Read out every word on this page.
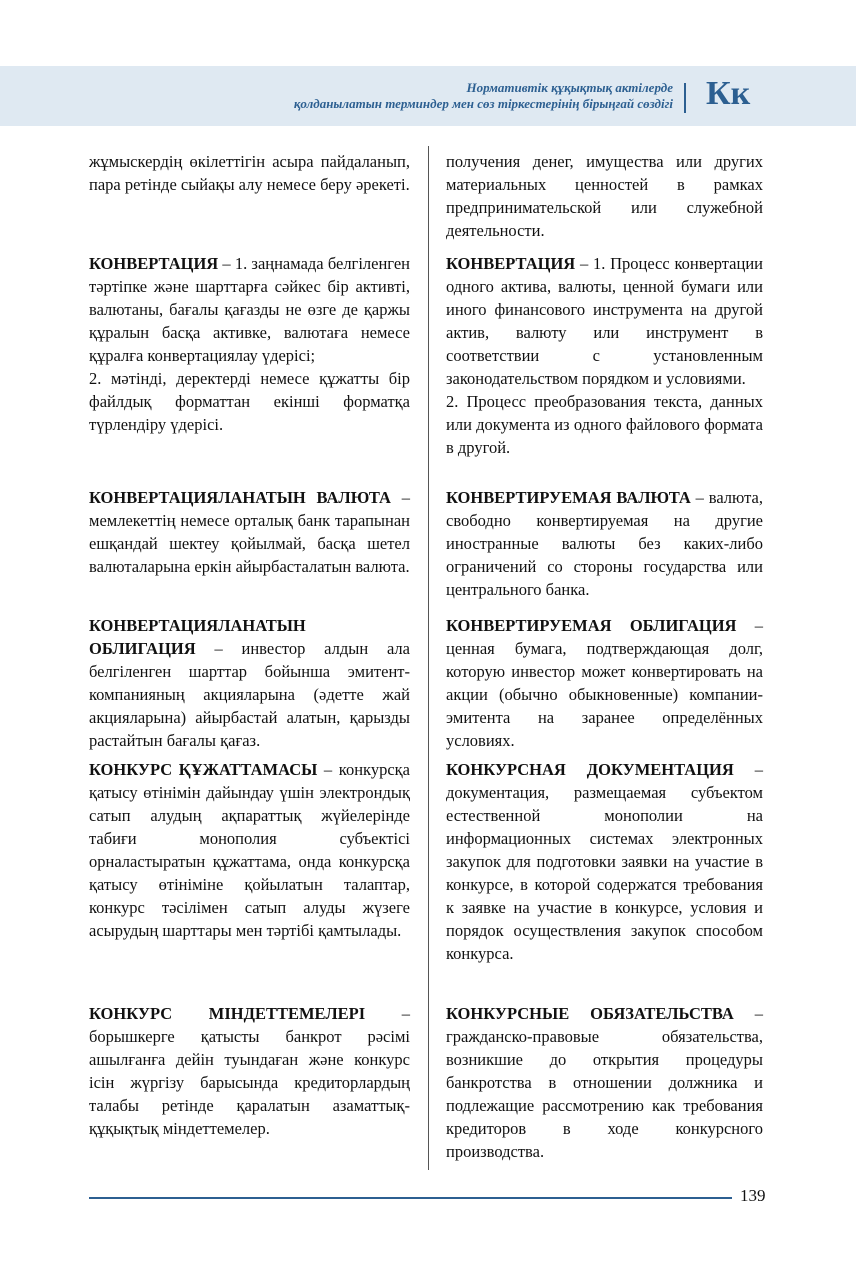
Нормативтік құқықтық актілерде
қолданылатын терминдер мен сөз тіркестерінің бірыңғай сөздігі Кк
жұмыскердің өкілеттігін асыра пайдаланып, пара ретінде сыйақы алу немесе беру әрекеті.
КОНВЕРТАЦИЯ – 1. заңнамада белгіленген тәртіпке және шарттарға сәйкес бір активті, валютаны, бағалы қағазды не өзге де қаржы құралын басқа активке, валютаға немесе құралға конвертациялау үдерісі;
2. мәтінді, деректерді немесе құжатты бір файлдық форматтан екінші форматқа түрлендіру үдерісі.
КОНВЕРТАЦИЯЛАНАТЫН ВАЛЮТА – мемлекеттің немесе орталық банк тарапынан ешқандай шектеу қойылмай, басқа шетел валюталарына еркін айырбасталатын валюта.
КОНВЕРТАЦИЯЛАНАТЫН ОБЛИГАЦИЯ – инвестор алдын ала белгіленген шарттар бойынша эмитент-компанияның акцияларына (әдетте жай акцияларына) айырбастай алатын, қарызды растайтын бағалы қағаз.
КОНКУРС ҚҰЖАТТАМАСЫ – конкурсқа қатысу өтінімін дайындау үшін электрондық сатып алудың ақпараттық жүйелерінде табиғи монополия субъектісі орналастыратын құжаттама, онда конкурсқа қатысу өтініміне қойылатын талаптар, конкурс тәсілімен сатып алуды жүзеге асырудың шарттары мен тәртібі қамтылады.
КОНКУРС МІНДЕТТЕМЕЛЕРІ – борышкерге қатысты банкрот рәсімі ашылғанға дейін туындаған және конкурс ісін жүргізу барысында кредиторлардың талабы ретінде қаралатын азаматтық-құқықтық міндеттемелер.
получения денег, имущества или других материальных ценностей в рамках предпринимательской или служебной деятельности.
КОНВЕРТАЦИЯ – 1. Процесс конвертации одного актива, валюты, ценной бумаги или иного финансового инструмента на другой актив, валюту или инструмент в соответствии с установленным законодательством порядком и условиями.
2. Процесс преобразования текста, данных или документа из одного файлового формата в другой.
КОНВЕРТИРУЕМАЯ ВАЛЮТА – валюта, свободно конвертируемая на другие иностранные валюты без каких-либо ограничений со стороны государства или центрального банка.
КОНВЕРТИРУЕМАЯ ОБЛИГАЦИЯ – ценная бумага, подтверждающая долг, которую инвестор может конвертировать на акции (обычно обыкновенные) компании-эмитента на заранее определённых условиях.
КОНКУРСНАЯ ДОКУМЕНТАЦИЯ – документация, размещаемая субъектом естественной монополии на информационных системах электронных закупок для подготовки заявки на участие в конкурсе, в которой содержатся требования к заявке на участие в конкурсе, условия и порядок осуществления закупок способом конкурса.
КОНКУРСНЫЕ ОБЯЗАТЕЛЬСТВА – гражданско-правовые обязательства, возникшие до открытия процедуры банкротства в отношении должника и подлежащие рассмотрению как требования кредиторов в ходе конкурсного производства.
139
